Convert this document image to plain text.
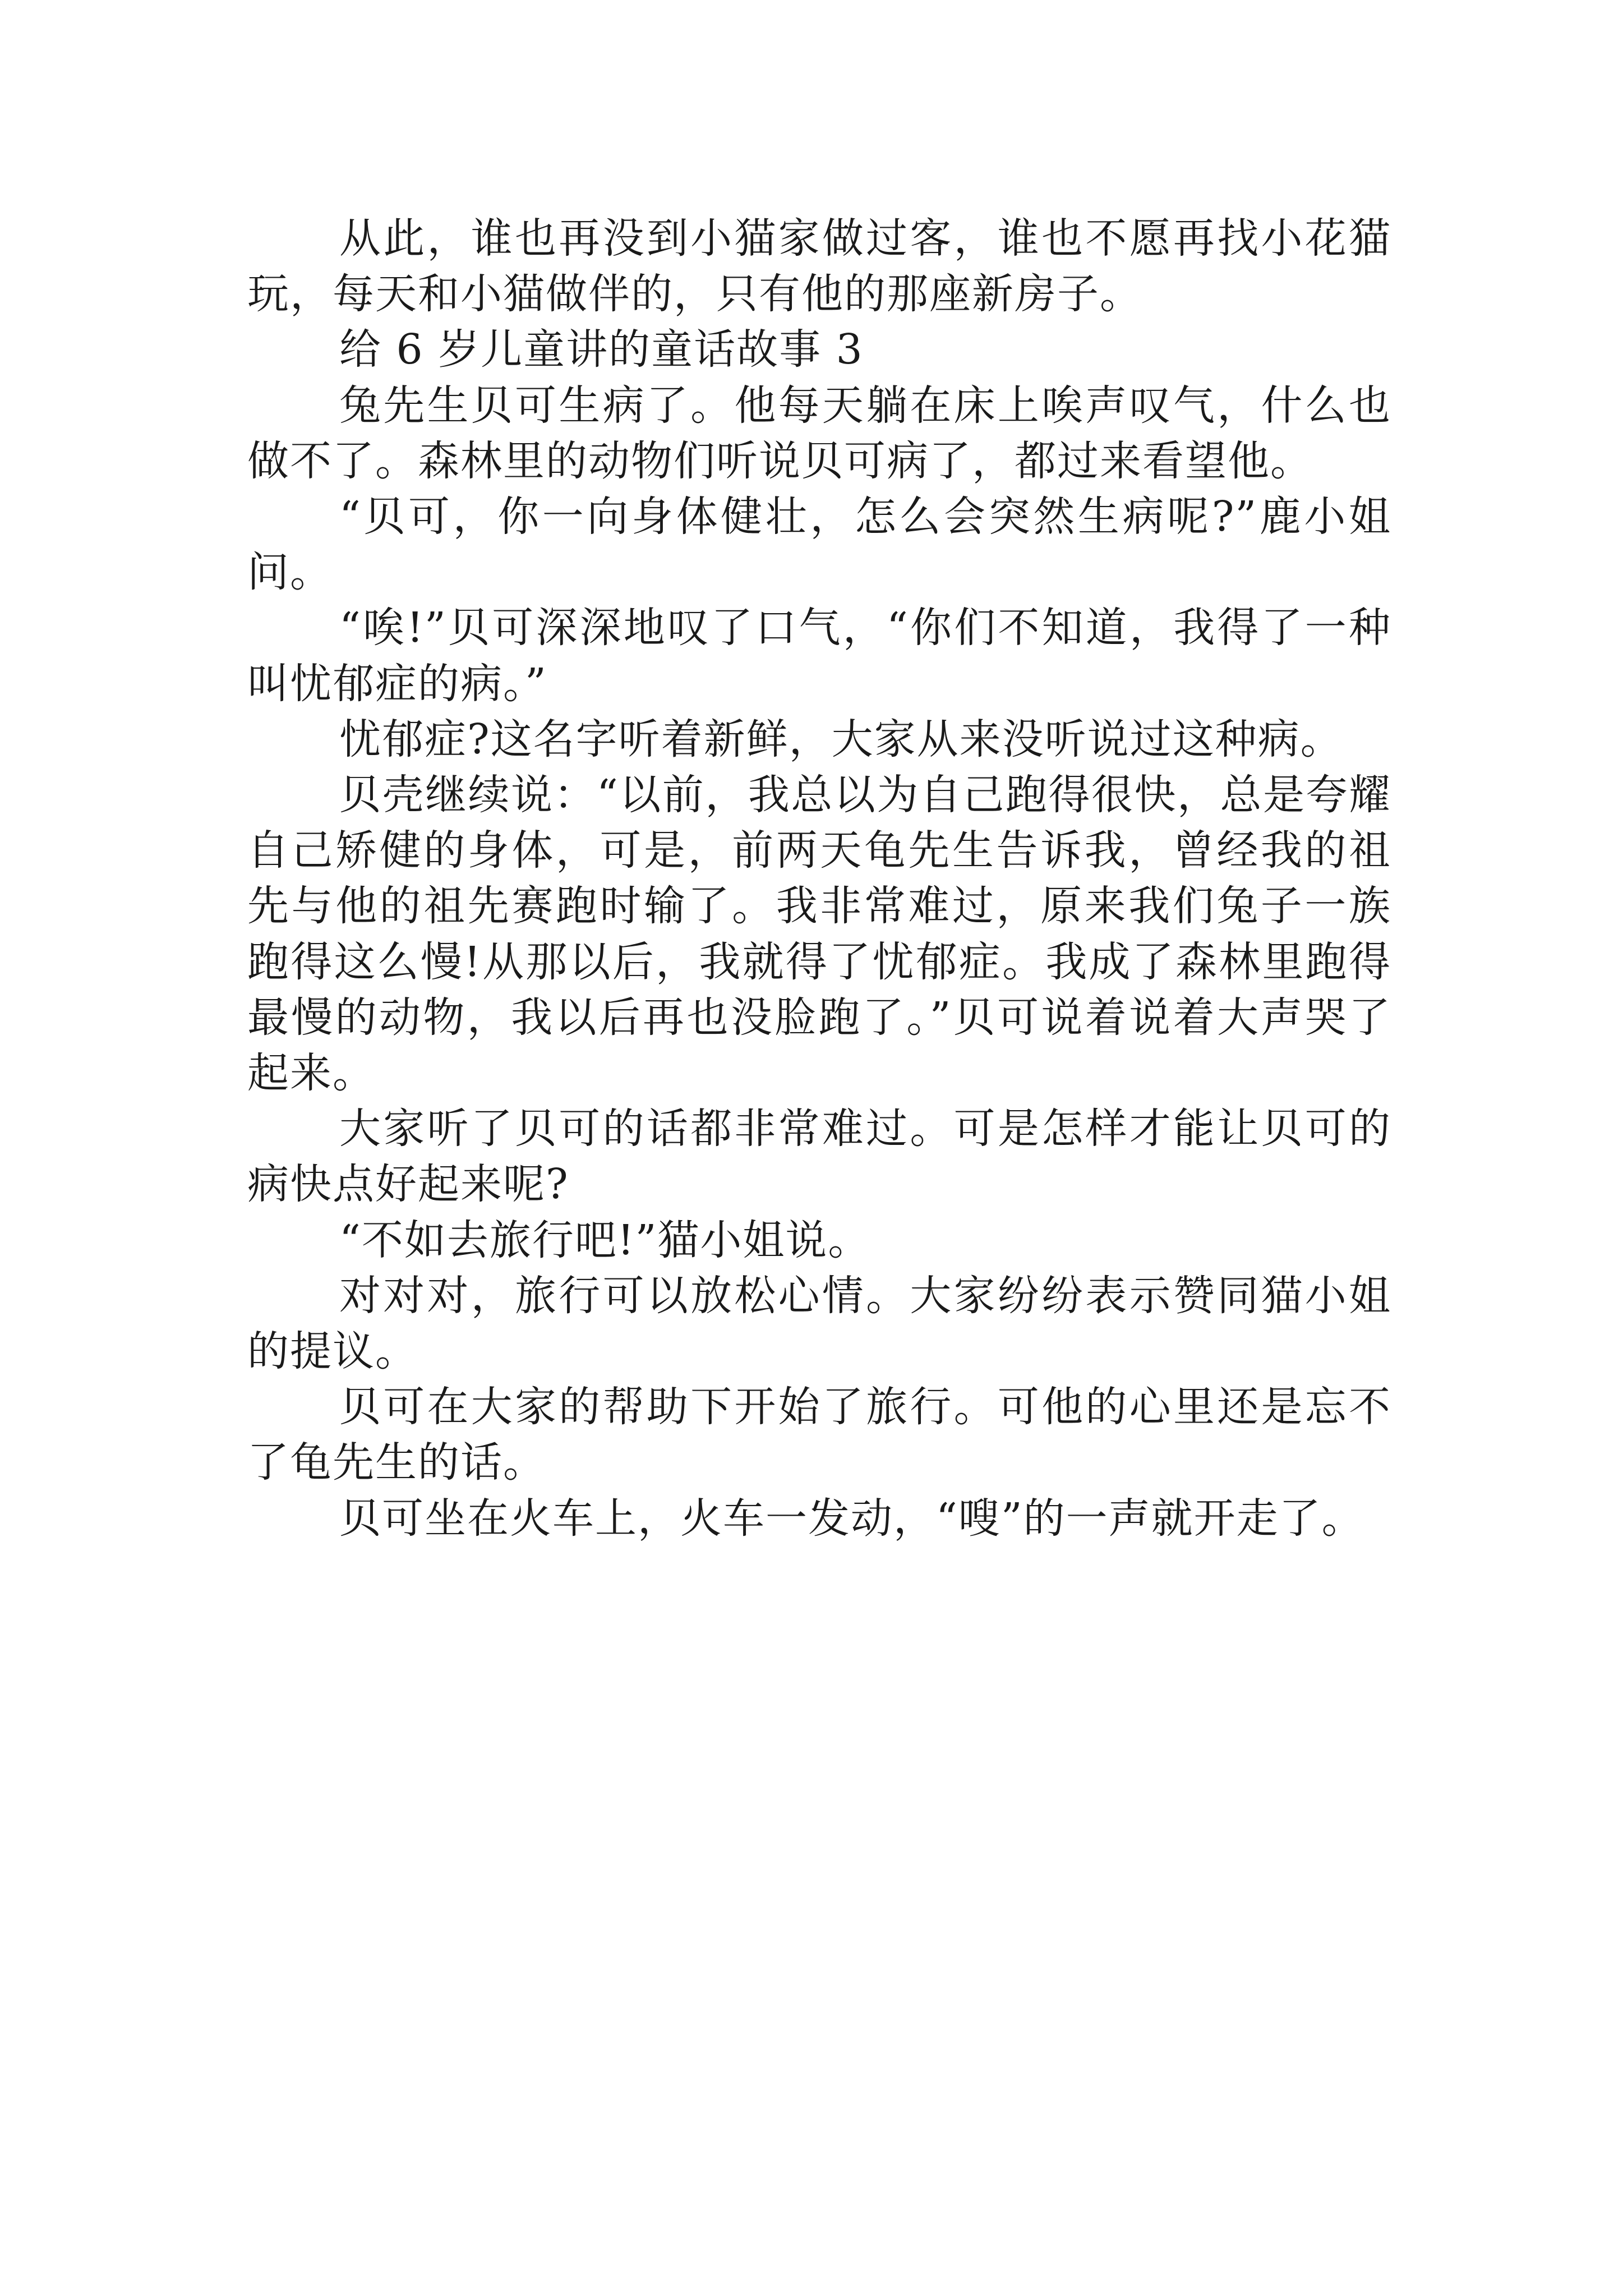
从此，谁也再没到小猫家做过客，谁也不愿再找小花猫玩，每天和小猫做伴的，只有他的那座新房子。

给 6 岁儿童讲的童话故事 3

兔先生贝可生病了。他每天躺在床上唉声叹气，什么也做不了。森林里的动物们听说贝可病了，都过来看望他。

“贝可，你一向身体健壮，怎么会突然生病呢?”鹿小姐问。

“唉!”贝可深深地叹了口气，“你们不知道，我得了一种叫忧郁症的病。”

忧郁症?这名字听着新鲜，大家从来没听说过这种病。

贝壳继续说：“以前，我总以为自己跑得很快，总是夸耀自己矫健的身体，可是，前两天龟先生告诉我，曾经我的祖先与他的祖先赛跑时输了。我非常难过，原来我们兔子一族跑得这么慢!从那以后，我就得了忧郁症。我成了森林里跑得最慢的动物，我以后再也没脸跑了。”贝可说着说着大声哭了起来。

大家听了贝可的话都非常难过。可是怎样才能让贝可的病快点好起来呢?

“不如去旅行吧!”猫小姐说。

对对对，旅行可以放松心情。大家纷纷表示赞同猫小姐的提议。

贝可在大家的帮助下开始了旅行。可他的心里还是忘不了龟先生的话。

贝可坐在火车上，火车一发动，“嗖”的一声就开走了。
